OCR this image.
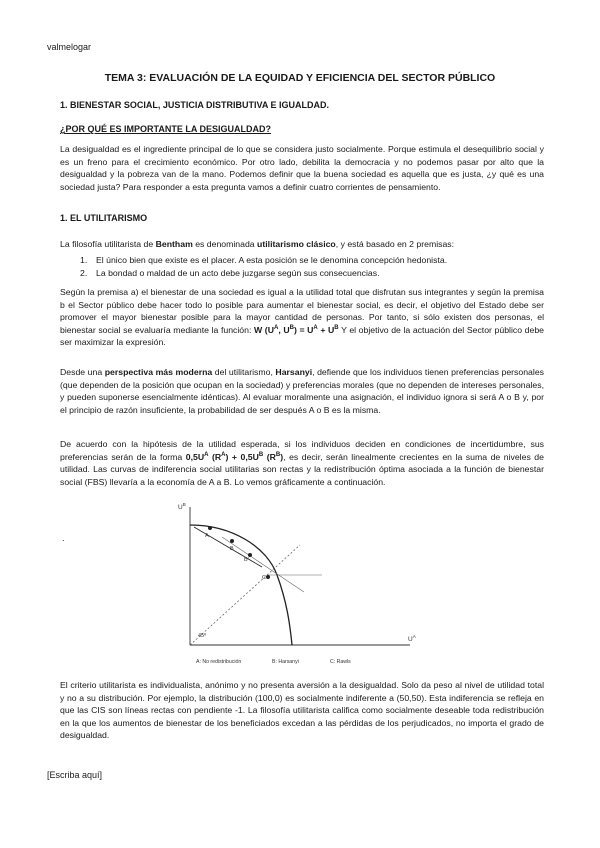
valmelogar
TEMA 3: EVALUACIÓN DE LA EQUIDAD Y EFICIENCIA DEL SECTOR PÚBLICO
1. BIENESTAR SOCIAL, JUSTICIA DISTRIBUTIVA E IGUALDAD.
¿POR QUÉ ES IMPORTANTE LA DESIGUALDAD?
La desigualdad es el ingrediente principal de lo que se considera justo socialmente. Porque estimula el desequilibrio social y es un freno para el crecimiento económico. Por otro lado, debilita la democracia y no podemos pasar por alto que la desigualdad y la pobreza van de la mano. Podemos definir que la buena sociedad es aquella que es justa, ¿y qué es una sociedad justa? Para responder a esta pregunta vamos a definir cuatro corrientes de pensamiento.
1. EL UTILITARISMO
La filosofía utilitarista de Bentham es denominada utilitarismo clásico, y está basado en 2 premisas:
1. El único bien que existe es el placer. A esta posición se le denomina concepción hedonista.
2. La bondad o maldad de un acto debe juzgarse según sus consecuencias.
Según la premisa a) el bienestar de una sociedad es igual a la utilidad total que disfrutan sus integrantes y según la premisa b el Sector público debe hacer todo lo posible para aumentar el bienestar social, es decir, el objetivo del Estado debe ser promover el mayor bienestar posible para la mayor cantidad de personas. Por tanto, si sólo existen dos personas, el bienestar social se evaluaría mediante la función: W ($U^A$, $U^B) = U^A + U^B$ Y el objetivo de la actuación del Sector público debe ser maximizar la expresión.
Desde una perspectiva más moderna del utilitarismo, Harsanyi, defiende que los individuos tienen preferencias personales (que dependen de la posición que ocupan en la sociedad) y preferencias morales (que no dependen de intereses personales, y pueden suponerse esencialmente idénticas). Al evaluar moralmente una asignación, el individuo ignora si será A o B y, por el principio de razón insuficiente, la probabilidad de ser después A o B es la misma.
De acuerdo con la hipótesis de la utilidad esperada, si los individuos deciden en condiciones de incertidumbre, sus preferencias serán de la forma $0,5U^A$ $(R^A) + 0,5U^B$ $(R^B)$, es decir, serán linealmente crecientes en la suma de niveles de utilidad. Las curvas de indiferencia social utilitarias son rectas y la redistribución óptima asociada a la función de bienestar social (FBS) llevaría a la economía de A a B. Lo vemos gráficamente a continuación.
.
$U^B$
$U^A$
45º
A
B
B'
C
A: No redistribución	B: Harsanyi	C: Rawls
El criterio utilitarista es individualista, anónimo y no presenta aversión a la desigualdad. Solo da peso al nivel de utilidad total y no a su distribución. Por ejemplo, la distribución (100,0) es socialmente indiferente a (50,50). Esta indiferencia se refleja en que las CIS son líneas rectas con pendiente -1. La filosofía utilitarista califica como socialmente deseable toda redistribución en la que los aumentos de bienestar de los beneficiados excedan a las pérdidas de los perjudicados, no importa el grado de desigualdad.
[Escriba aquí]
